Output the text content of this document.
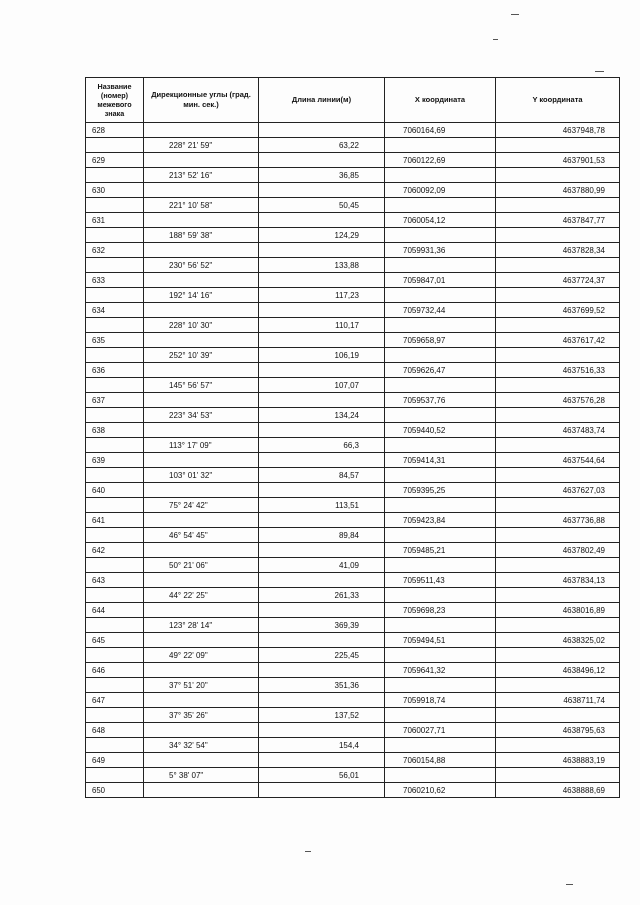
Название (номер) межевого знака	Дирекционные углы (град. мин. сек.)	Длина линии(м)	X координата	Y координата
628			7060164,69	4637948,78
	228° 21' 59"	63,22		
629			7060122,69	4637901,53
	213° 52' 16"	36,85		
630			7060092,09	4637880,99
	221° 10' 58"	50,45		
631			7060054,12	4637847,77
	188° 59' 38"	124,29		
632			7059931,36	4637828,34
	230° 56' 52"	133,88		
633			7059847,01	4637724,37
	192° 14' 16"	117,23		
634			7059732,44	4637699,52
	228° 10' 30"	110,17		
635			7059658,97	4637617,42
	252° 10' 39"	106,19		
636			7059626,47	4637516,33
	145° 56' 57"	107,07		
637			7059537,76	4637576,28
	223° 34' 53"	134,24		
638			7059440,52	4637483,74
	113° 17' 09"	66,3		
639			7059414,31	4637544,64
	103° 01' 32"	84,57		
640			7059395,25	4637627,03
	75° 24' 42"	113,51		
641			7059423,84	4637736,88
	46° 54' 45"	89,84		
642			7059485,21	4637802,49
	50° 21' 06"	41,09		
643			7059511,43	4637834,13
	44° 22' 25"	261,33		
644			7059698,23	4638016,89
	123° 28' 14"	369,39		
645			7059494,51	4638325,02
	49° 22' 09"	225,45		
646			7059641,32	4638496,12
	37° 51' 20"	351,36		
647			7059918,74	4638711,74
	37° 35' 26"	137,52		
648			7060027,71	4638795,63
	34° 32' 54"	154,4		
649			7060154,88	4638883,19
	5° 38' 07"	56,01		
650			7060210,62	4638888,69
